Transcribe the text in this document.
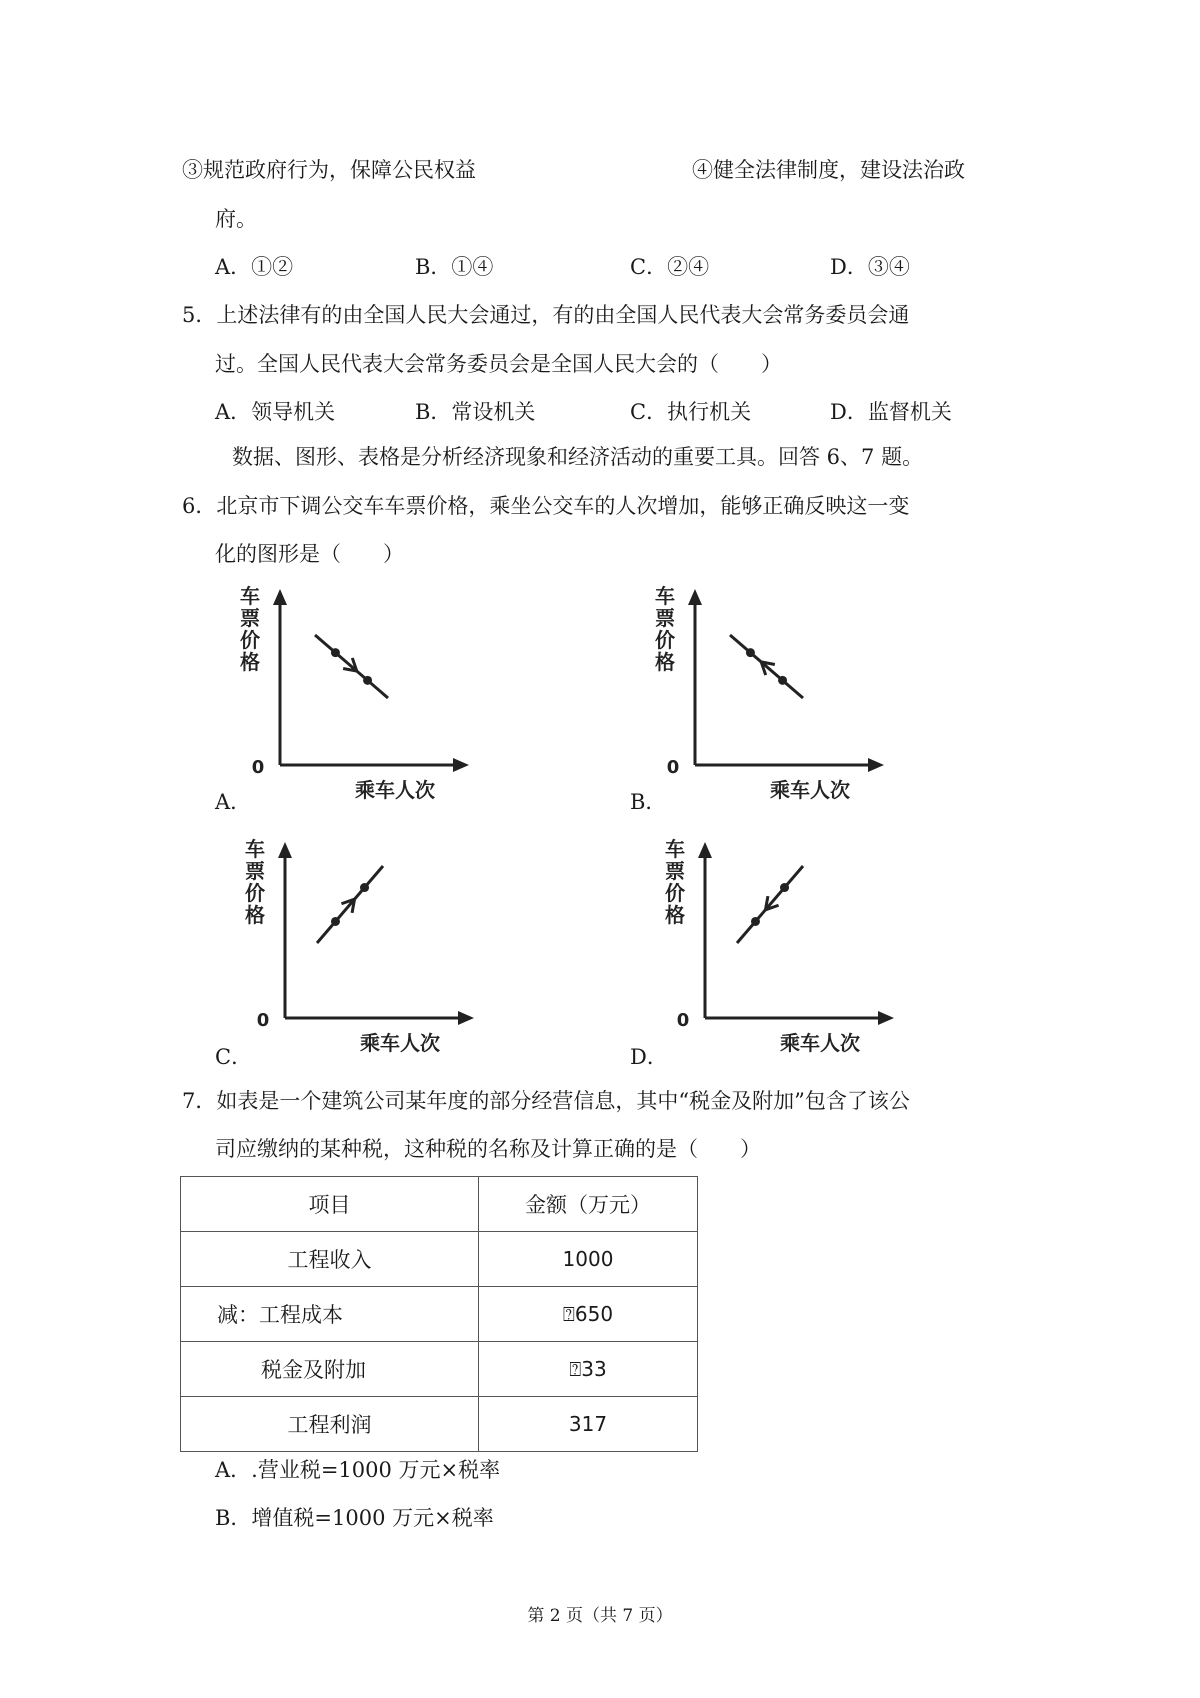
③规范政府行为，保障公民权益	④健全法律制度，建设法治政
府。
A．①②	B．①④	C．②④	D．③④
5．上述法律有的由全国人民大会通过，有的由全国人民代表大会常务委员会通
过。全国人民代表大会常务委员会是全国人民大会的（　　）
A．领导机关	B．常设机关	C．执行机关	D．监督机关
数据、图形、表格是分析经济现象和经济活动的重要工具。回答 6、7 题。
6．北京市下调公交车车票价格，乘坐公交车的人次增加，能够正确反映这一变
化的图形是（　　）
A．	B．
C．	D．
车
票
价
格
0
乘车人次
车
票
价
格
0
乘车人次
车
票
价
格
0
乘车人次
车
票
价
格
0
乘车人次
7．如表是一个建筑公司某年度的部分经营信息，其中“税金及附加”包含了该公
司应缴纳的某种税，这种税的名称及计算正确的是（　　）
项目	金额（万元）
工程收入	1000
减：工程成本	⍰650
税金及附加	⍰33
工程利润	317
A．.营业税=1000 万元×税率
B．增值税=1000 万元×税率
第 2 页（共 7 页）
